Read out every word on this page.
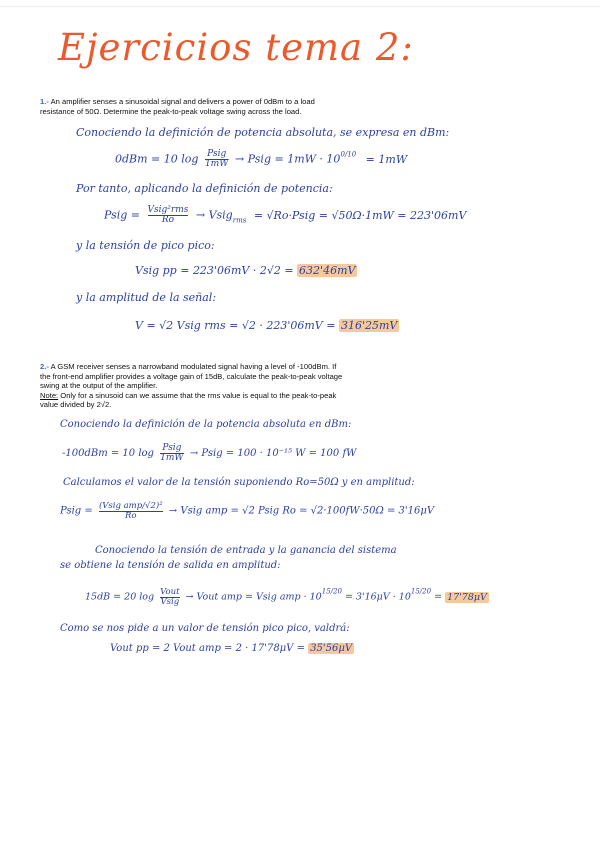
Ejercicios tema 2:
1.- An amplifier senses a sinusoidal signal and delivers a power of 0dBm to a load
resistance of 50Ω. Determine the peak-to-peak voltage swing across the load.
Conociendo la definición de potencia absoluta, se expresa en dBm:
0dBm = 10 log Psig
1mW → Psig = $1mW \cdot 10^{0/10} = 1mW$
Por tanto, aplicando la definición de potencia:
Psig = Vsig²rms
Ro	→ Vsig$_{rms}$ = √Ro·Psig = √50Ω·1mW = 223'06mV
y la tensión de pico pico:
Vsig pp = 223'06mV · 2√2 = 632'46mV
y la amplitud de la señal:
V = √2 Vsig rms = √2 · 223'06mV = 316'25mV
2.- A GSM receiver senses a narrowband modulated signal having a level of -100dBm. If
the front-end amplifier provides a voltage gain of 15dB, calculate the peak-to-peak voltage
swing at the output of the amplifier.
Note: Only for a sinusoid can we assume that the rms value is equal to the peak-to-peak
value divided by 2√2.
Conociendo la definición de la potencia absoluta en dBm:
-100dBm = 10 log Psig
1mW → Psig = 100 · 10⁻¹⁵ W = 100 fW
Calculamos el valor de la tensión suponiendo Ro=50Ω y en amplitud:
Psig = (Vsig amp/√2)²
Ro	→ Vsig amp = √2 Psig Ro = √2·100fW·50Ω = 3'16μV
Conociendo la tensión de entrada y la ganancia del sistema
se obtiene la tensión de salida en amplitud:
15dB = 20 log Vout
Vsig → Vout amp = Vsig amp · $10^{15/20} = 3'16\mu V \cdot 10^{15/20} = 17'78\mu V$
Como se nos pide a un valor de tensión pico pico, valdrá:
Vout pp = 2 Vout amp = 2 · 17'78μV = 35'56μV
